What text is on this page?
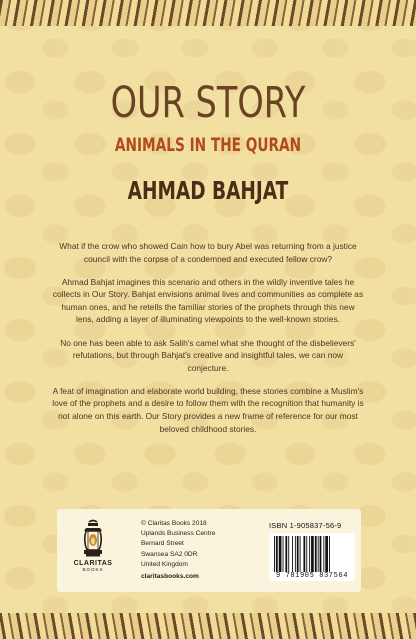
OUR STORY
ANIMALS IN THE QURAN
AHMAD BAHJAT

What if the crow who showed Cain how to bury Abel was returning from a justice council with the corpse of a condemned and executed fellow crow?

Ahmad Bahjat imagines this scenario and others in the wildly inventive tales he collects in Our Story. Bahjat envisions animal lives and communities as complete as human ones, and he retells the familiar stories of the prophets through this new lens, adding a layer of illuminating viewpoints to the well-known stories.

No one has been able to ask Salih's camel what she thought of the disbelievers' refutations, but through Bahjat's creative and insightful tales, we can now conjecture.

A feat of imagination and elaborate world building, these stories combine a Muslim's love of the prophets and a desire to follow them with the recognition that humanity is not alone on this earth. Our Story provides a new frame of reference for our most beloved childhood stories.

CLARITAS
BOOKS
© Claritas Books 2018
Uplands Business Centre
Bernard Street
Swansea SA2 0DR
United Kingdom
claritasbooks.com
ISBN 1-905837-56-9
9 781905 837564
